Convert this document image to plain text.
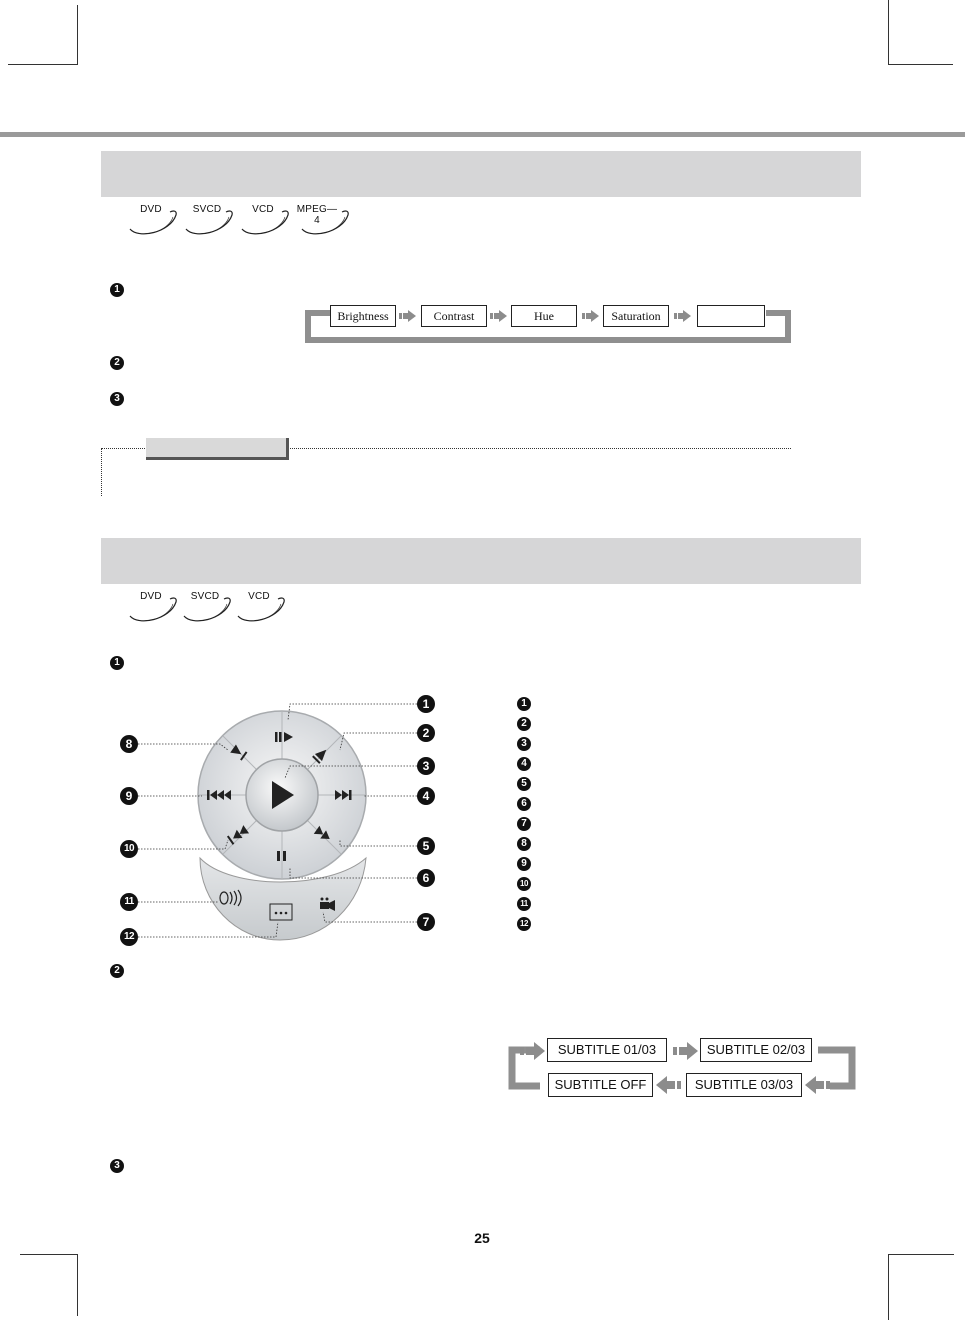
DVD	SVCD	VCD	MPEG—4
1
2
3
Brightness	Contrast	Hue	Saturation
DVD	SVCD	VCD
1
2
3
1
2
3
4
5
6
7
8
9
10
11
12
1
2
3
4
5
6
7
8
9
10
11
12
SUBTITLE 01/03	SUBTITLE 02/03
SUBTITLE OFF	SUBTITLE 03/03
25
